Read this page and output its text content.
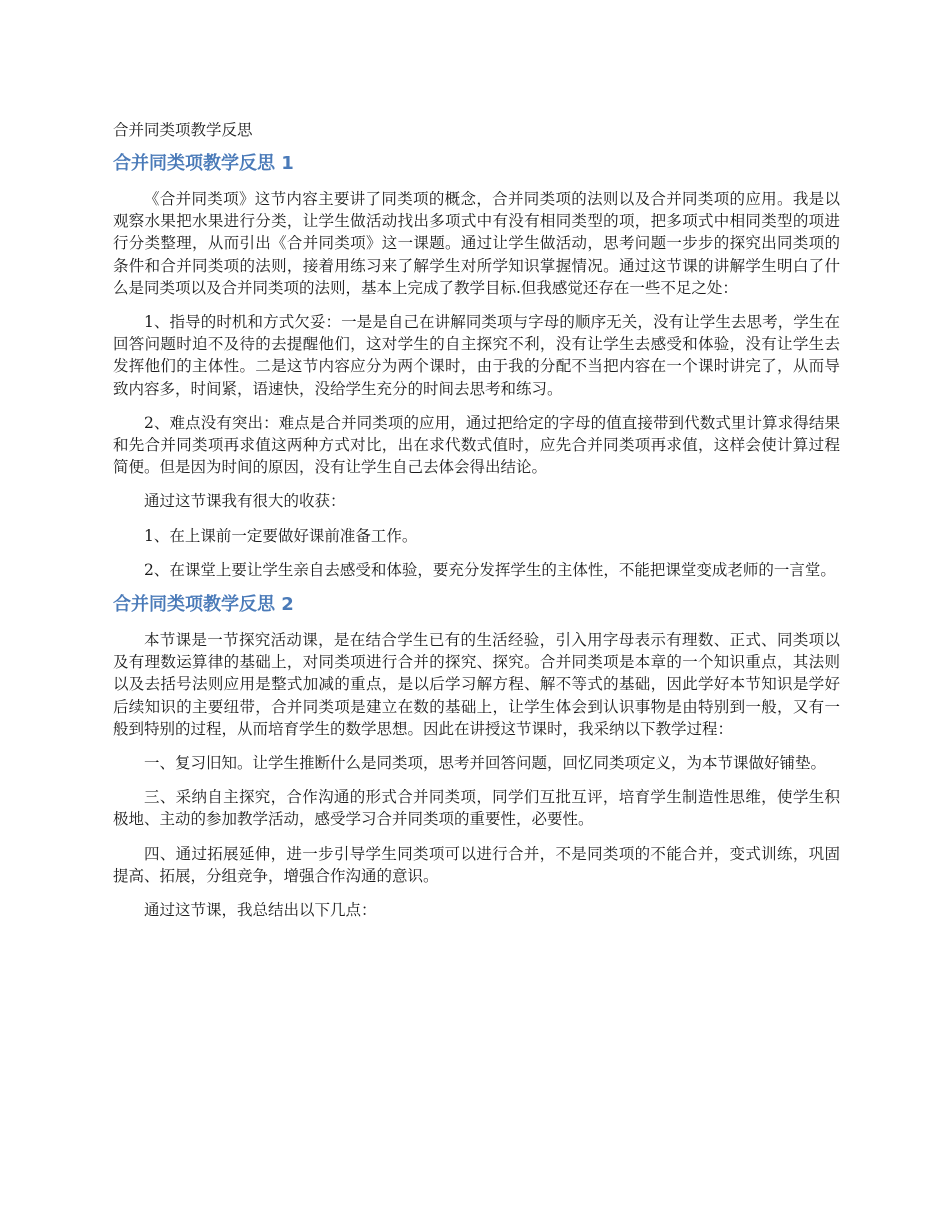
合并同类项教学反思
合并同类项教学反思 1

《合并同类项》这节内容主要讲了同类项的概念，合并同类项的法则以及合并同类项的应用。我是以观察水果把水果进行分类，让学生做活动找出多项式中有没有相同类型的项，把多项式中相同类型的项进行分类整理，从而引出《合并同类项》这一课题。通过让学生做活动，思考问题一步步的探究出同类项的条件和合并同类项的法则，接着用练习来了解学生对所学知识掌握情况。通过这节课的讲解学生明白了什么是同类项以及合并同类项的法则，基本上完成了教学目标.但我感觉还存在一些不足之处：

1、指导的时机和方式欠妥：一是是自己在讲解同类项与字母的顺序无关，没有让学生去思考，学生在回答问题时迫不及待的去提醒他们，这对学生的自主探究不利，没有让学生去感受和体验，没有让学生去发挥他们的主体性。二是这节内容应分为两个课时，由于我的分配不当把内容在一个课时讲完了，从而导致内容多，时间紧，语速快，没给学生充分的时间去思考和练习。

2、难点没有突出：难点是合并同类项的应用，通过把给定的字母的值直接带到代数式里计算求得结果和先合并同类项再求值这两种方式对比，出在求代数式值时，应先合并同类项再求值，这样会使计算过程简便。但是因为时间的原因，没有让学生自己去体会得出结论。

通过这节课我有很大的收获：

1、在上课前一定要做好课前准备工作。

2、在课堂上要让学生亲自去感受和体验，要充分发挥学生的主体性，不能把课堂变成老师的一言堂。

合并同类项教学反思 2

本节课是一节探究活动课，是在结合学生已有的生活经验，引入用字母表示有理数、正式、同类项以及有理数运算律的基础上，对同类项进行合并的探究、探究。合并同类项是本章的一个知识重点，其法则以及去括号法则应用是整式加减的重点，是以后学习解方程、解不等式的基础，因此学好本节知识是学好后续知识的主要纽带，合并同类项是建立在数的基础上，让学生体会到认识事物是由特别到一般，又有一般到特别的过程，从而培育学生的数学思想。因此在讲授这节课时，我采纳以下教学过程：

一、复习旧知。让学生推断什么是同类项，思考并回答问题，回忆同类项定义，为本节课做好铺垫。

三、采纳自主探究，合作沟通的形式合并同类项，同学们互批互评，培育学生制造性思维，使学生积极地、主动的参加教学活动，感受学习合并同类项的重要性，必要性。

四、通过拓展延伸，进一步引导学生同类项可以进行合并，不是同类项的不能合并，变式训练，巩固提高、拓展，分组竞争，增强合作沟通的意识。

通过这节课，我总结出以下几点：
